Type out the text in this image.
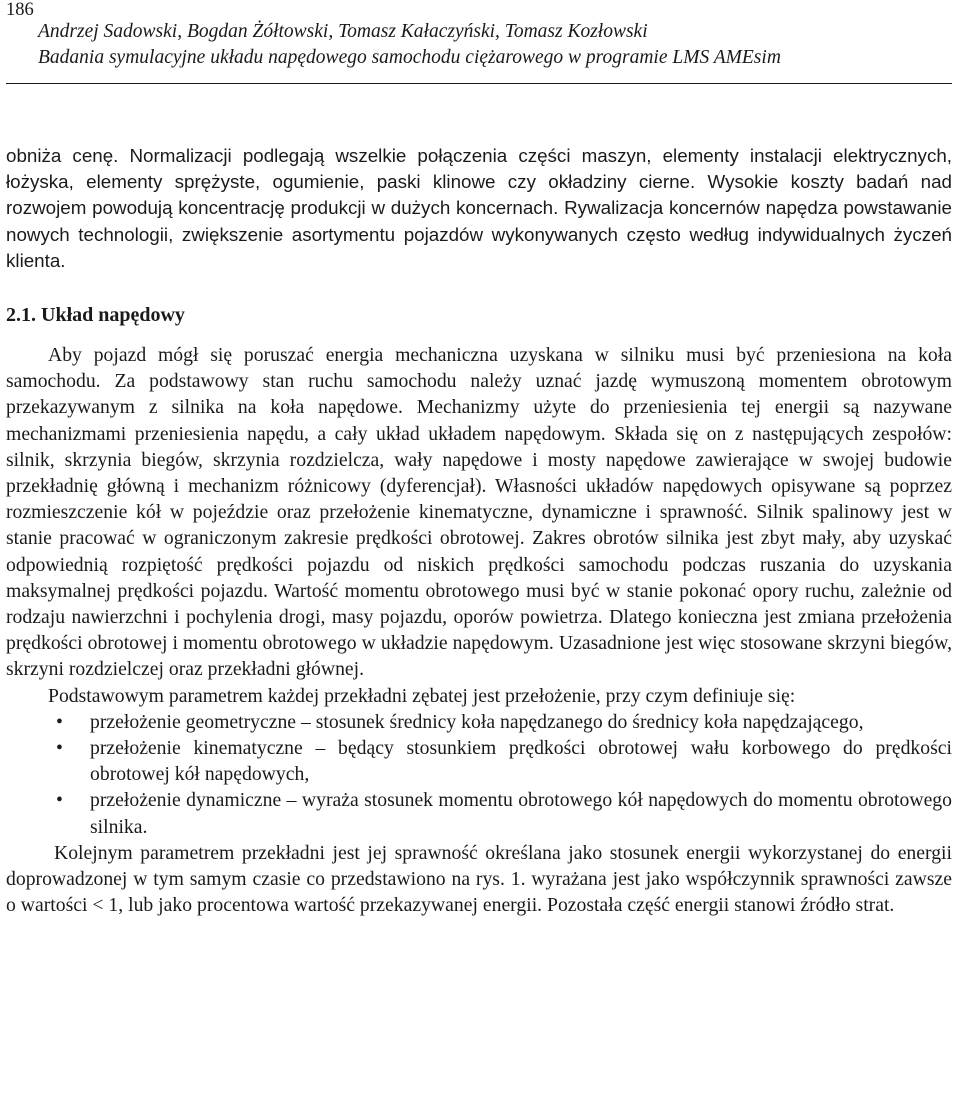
186
Andrzej Sadowski, Bogdan Żółtowski, Tomasz Kałaczyński, Tomasz Kozłowski
Badania symulacyjne układu napędowego samochodu ciężarowego w programie LMS AMEsim

obniża cenę. Normalizacji podlegają wszelkie połączenia części maszyn, elementy instalacji elektrycznych, łożyska, elementy sprężyste, ogumienie, paski klinowe czy okładziny cierne. Wysokie koszty badań nad rozwojem powodują koncentrację produkcji w dużych koncernach. Rywalizacja koncernów napędza powstawanie nowych technologii, zwiększenie asortymentu pojazdów wykonywanych często według indywidualnych życzeń klienta.

2.1. Układ napędowy

Aby pojazd mógł się poruszać energia mechaniczna uzyskana w silniku musi być przeniesiona na koła samochodu. Za podstawowy stan ruchu samochodu należy uznać jazdę wymuszoną momentem obrotowym przekazywanym z silnika na koła napędowe. Mechanizmy użyte do przeniesienia tej energii są nazywane mechanizmami przeniesienia napędu, a cały układ układem napędowym. Składa się on z następujących zespołów: silnik, skrzynia biegów, skrzynia rozdzielcza, wały napędowe i mosty napędowe zawierające w swojej budowie przekładnię główną i mechanizm różnicowy (dyferencjał). Własności układów napędowych opisywane są poprzez rozmieszczenie kół w pojeździe oraz przełożenie kinematyczne, dynamiczne i sprawność. Silnik spalinowy jest w stanie pracować w ograniczonym zakresie prędkości obrotowej. Zakres obrotów silnika jest zbyt mały, aby uzyskać odpowiednią rozpiętość prędkości pojazdu od niskich prędkości samochodu podczas ruszania do uzyskania maksymalnej prędkości pojazdu. Wartość momentu obrotowego musi być w stanie pokonać opory ruchu, zależnie od rodzaju nawierzchni i pochylenia drogi, masy pojazdu, oporów powietrza. Dlatego konieczna jest zmiana przełożenia prędkości obrotowej i momentu obrotowego w układzie napędowym. Uzasadnione jest więc stosowane skrzyni biegów, skrzyni rozdzielczej oraz przekładni głównej.

Podstawowym parametrem każdej przekładni zębatej jest przełożenie, przy czym definiuje się:

• przełożenie geometryczne – stosunek średnicy koła napędzanego do średnicy koła napędzającego,
• przełożenie kinematyczne – będący stosunkiem prędkości obrotowej wału korbowego do prędkości obrotowej kół napędowych,
• przełożenie dynamiczne – wyraża stosunek momentu obrotowego kół napędowych do momentu obrotowego silnika.

Kolejnym parametrem przekładni jest jej sprawność określana jako stosunek energii wykorzystanej do energii doprowadzonej w tym samym czasie co przedstawiono na rys. 1. wyrażana jest jako współczynnik sprawności zawsze o wartości < 1, lub jako procentowa wartość przekazywanej energii. Pozostała część energii stanowi źródło strat.
